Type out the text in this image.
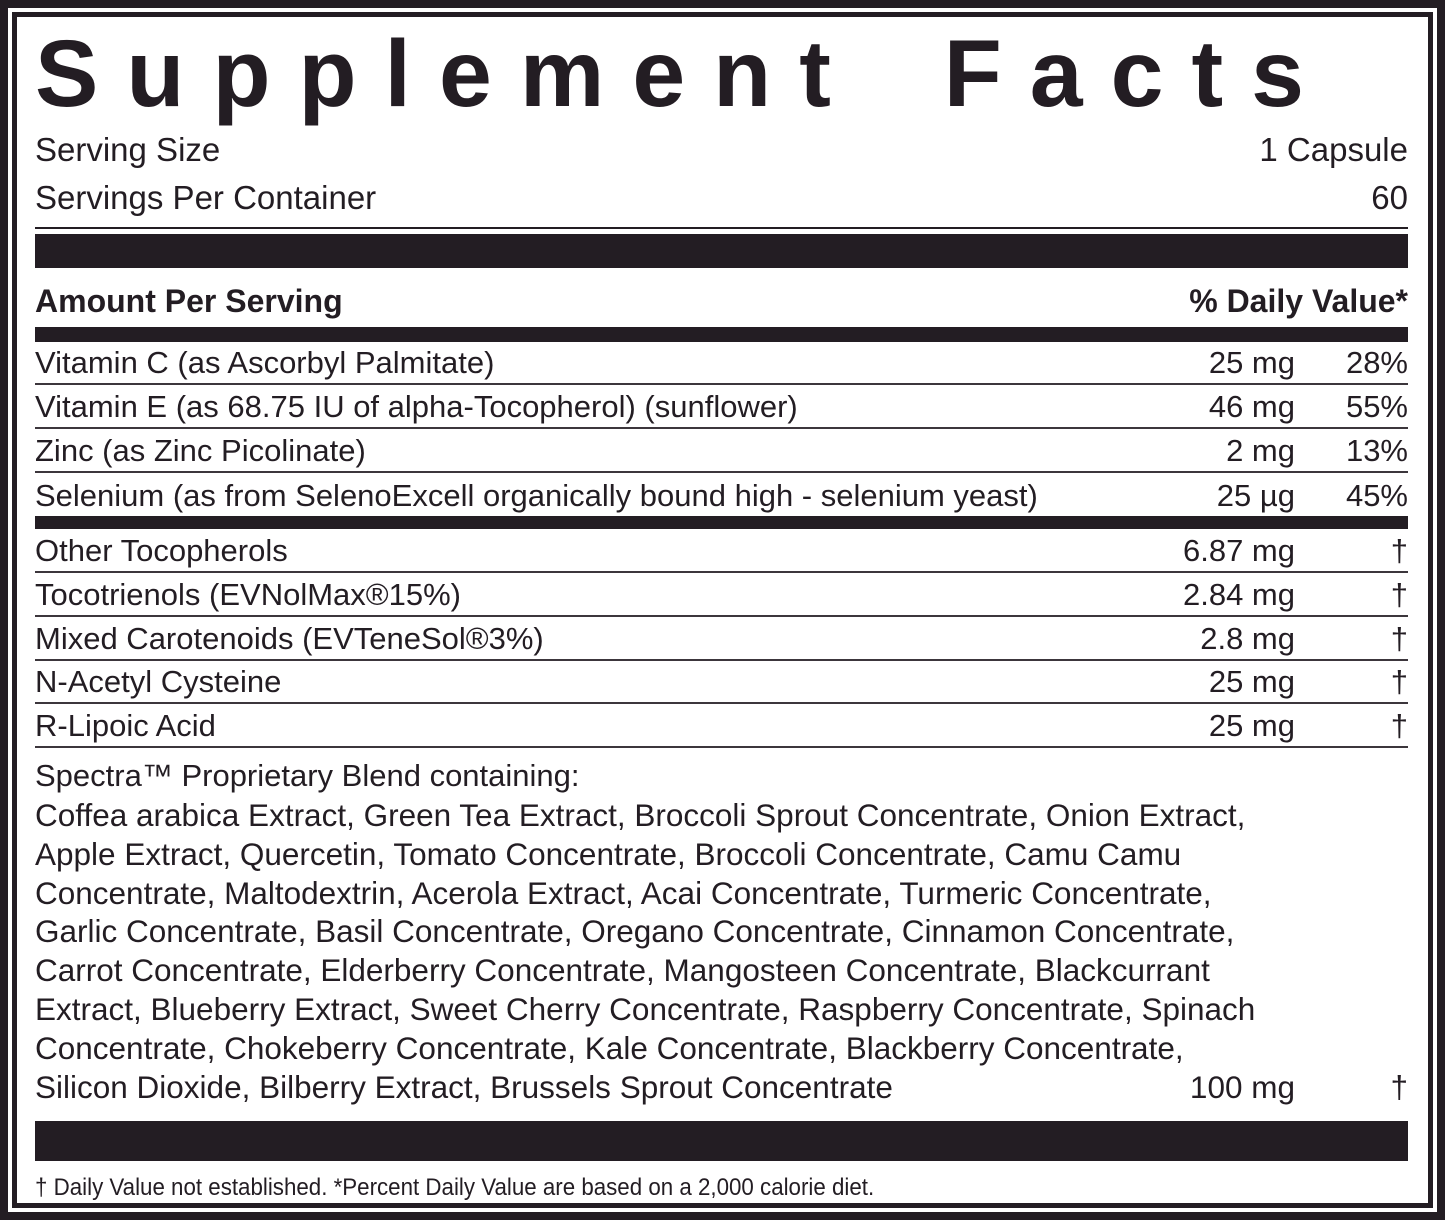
Supplement Facts
Serving Size	1 Capsule
Servings Per Container	60
Amount Per Serving	% Daily Value*
Vitamin C (as Ascorbyl Palmitate)	25 mg	28%
Vitamin E (as 68.75 IU of alpha-Tocopherol) (sunflower)	46 mg	55%
Zinc (as Zinc Picolinate)	2 mg	13%
Selenium (as from SelenoExcell organically bound high - selenium yeast)	25 µg	45%
Other Tocopherols	6.87 mg	†
Tocotrienols (EVNolMax®15%)	2.84 mg	†
Mixed Carotenoids (EVTeneSol®3%)	2.8 mg	†
N-Acetyl Cysteine	25 mg	†
R-Lipoic Acid	25 mg	†
Spectra™ Proprietary Blend containing:
Coffea arabica Extract, Green Tea Extract, Broccoli Sprout Concentrate, Onion Extract,
Apple Extract, Quercetin, Tomato Concentrate, Broccoli Concentrate, Camu Camu
Concentrate, Maltodextrin, Acerola Extract, Acai Concentrate, Turmeric Concentrate,
Garlic Concentrate, Basil Concentrate, Oregano Concentrate, Cinnamon Concentrate,
Carrot Concentrate, Elderberry Concentrate, Mangosteen Concentrate, Blackcurrant
Extract, Blueberry Extract, Sweet Cherry Concentrate, Raspberry Concentrate, Spinach
Concentrate, Chokeberry Concentrate, Kale Concentrate, Blackberry Concentrate,
Silicon Dioxide, Bilberry Extract, Brussels Sprout Concentrate	100 mg	†
† Daily Value not established. *Percent Daily Value are based on a 2,000 calorie diet.
